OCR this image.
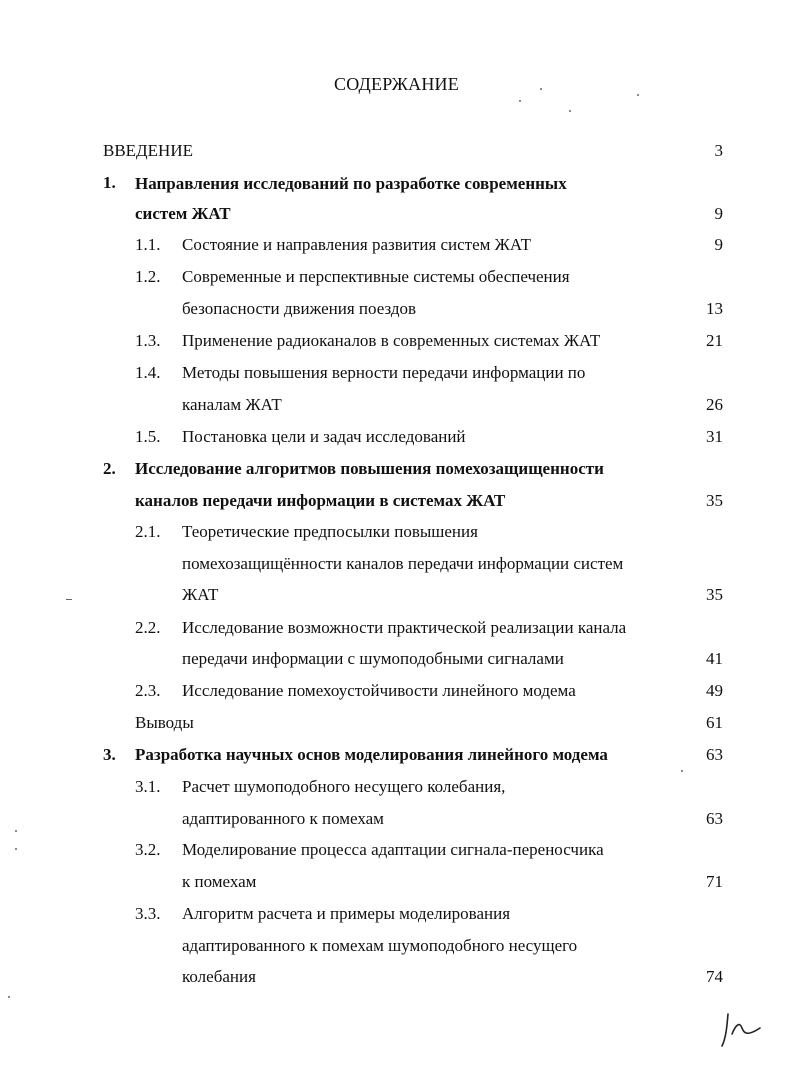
СОДЕРЖАНИЕ
ВВЕДЕНИЕ	3
1. Направления исследований по разработке современных
систем ЖАТ	9
1.1. Состояние и направления развития систем ЖАТ	9
1.2. Современные и перспективные системы обеспечения
безопасности движения поездов	13
1.3. Применение радиоканалов в современных системах ЖАТ	21
1.4. Методы повышения верности передачи информации по
каналам ЖАТ	26
1.5. Постановка цели и задач исследований	31
2. Исследование алгоритмов повышения помехозащищенности
каналов передачи информации в системах ЖАТ	35
2.1. Теоретические предпосылки повышения
помехозащищённости каналов передачи информации систем
ЖАТ	35
2.2. Исследование возможности практической реализации канала
передачи информации с шумоподобными сигналами	41
2.3. Исследование помехоустойчивости линейного модема	49
Выводы	61
3. Разработка научных основ моделирования линейного модема	63
3.1. Расчет шумоподобного несущего колебания,
адаптированного к помехам	63
3.2. Моделирование процесса адаптации сигнала-переносчика
к помехам	71
3.3. Алгоритм расчета и примеры моделирования
адаптированного к помехам шумоподобного несущего
колебания	74
